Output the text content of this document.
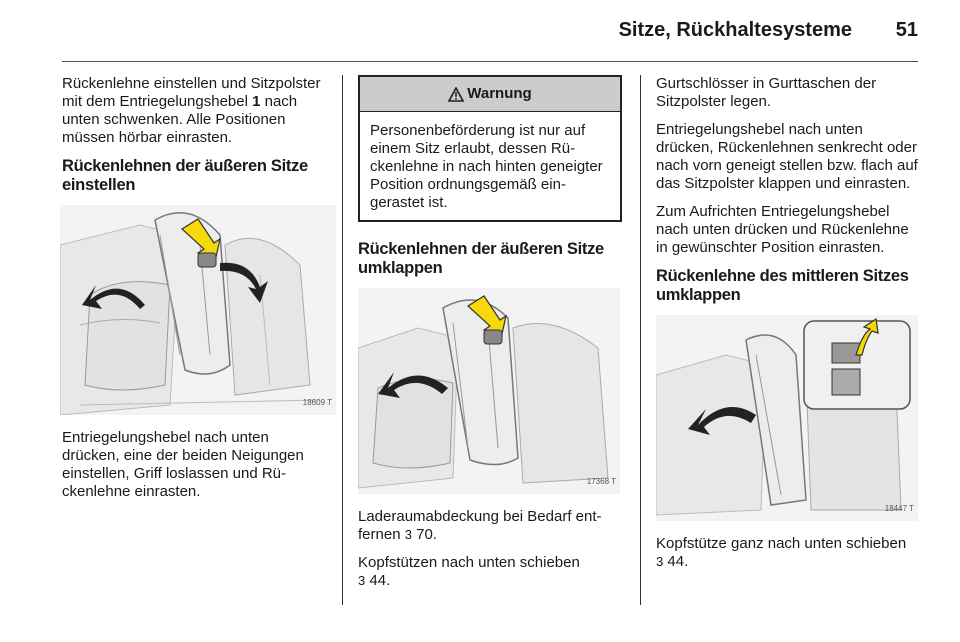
Sitze, Rückhaltesysteme 51

Rückenlehne einstellen und Sitzpolster mit dem Entriegelungshebel 1 nach unten schwenken. Alle Positionen müssen hörbar einrasten.

Rückenlehnen der äußeren Sitze einstellen
18609 T

Entriegelungshebel nach unten drücken, eine der beiden Neigungen einstellen, Griff loslassen und Rückenlehne einrasten.

Warnung
Personenbeförderung ist nur auf einem Sitz erlaubt, dessen Rückenlehne in nach hinten geneigter Position ordnungsgemäß eingerastet ist.
Rückenlehnen der äußeren Sitze umklappen
17368 T

Laderaumabdeckung bei Bedarf entfernen 3 70.

Kopfstützen nach unten schieben
3 44.

Gurtschlösser in Gurttaschen der Sitzpolster legen.

Entriegelungshebel nach unten drücken, Rückenlehnen senkrecht oder nach vorn geneigt stellen bzw. flach auf das Sitzpolster klappen und einrasten.

Zum Aufrichten Entriegelungshebel nach unten drücken und Rückenlehne in gewünschter Position einrasten.

Rückenlehne des mittleren Sitzes umklappen
18447 T

Kopfstütze ganz nach unten schieben
3 44.
